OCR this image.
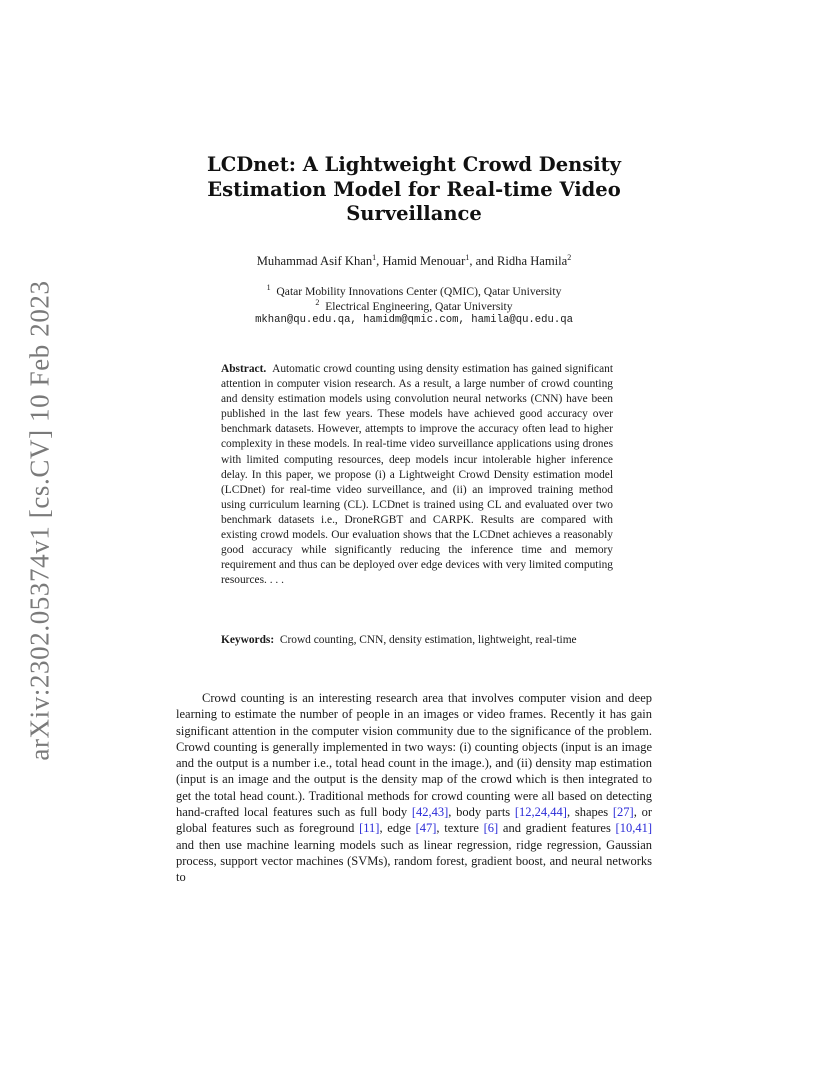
arXiv:2302.05374v1 [cs.CV] 10 Feb 2023
LCDnet: A Lightweight Crowd Density
Estimation Model for Real-time Video
Surveillance
Muhammad Asif Khan$^1$, Hamid Menouar$^1$, and Ridha Hamila$^2$
$^1$ Qatar Mobility Innovations Center (QMIC), Qatar University
$^2$ Electrical Engineering, Qatar University
mkhan@qu.edu.qa, hamidm@qmic.com, hamila@qu.edu.qa
Abstract. Automatic crowd counting using density estimation has gained significant attention in computer vision research. As a result, a large number of crowd counting and density estimation models using convolution neural networks (CNN) have been published in the last few years. These models have achieved good accuracy over benchmark datasets. However, attempts to improve the accuracy often lead to higher complexity in these models. In real-time video surveillance applications using drones with limited computing resources, deep models incur intolerable higher inference delay. In this paper, we propose (i) a Lightweight Crowd Density estimation model (LCDnet) for real-time video surveillance, and (ii) an improved training method using curriculum learning (CL). LCDnet is trained using CL and evaluated over two benchmark datasets i.e., DroneRGBT and CARPK. Results are compared with existing crowd models. Our evaluation shows that the LCDnet achieves a reasonably good accuracy while significantly reducing the inference time and memory requirement and thus can be deployed over edge devices with very limited computing resources. . . .
Keywords: Crowd counting, CNN, density estimation, lightweight, real-time
Crowd counting is an interesting research area that involves computer vision and deep learning to estimate the number of people in an images or video frames. Recently it has gain significant attention in the computer vision community due to the significance of the problem. Crowd counting is generally implemented in two ways: (i) counting objects (input is an image and the output is a number i.e., total head count in the image.), and (ii) density map estimation (input is an image and the output is the density map of the crowd which is then integrated to get the total head count.). Traditional methods for crowd counting were all based on detecting hand-crafted local features such as full body [42,43], body parts [12,24,44], shapes [27], or global features such as foreground [11], edge [47], texture [6] and gradient features [10,41] and then use machine learning models such as linear regression, ridge regression, Gaussian process, support vector machines (SVMs), random forest, gradient boost, and neural networks to
